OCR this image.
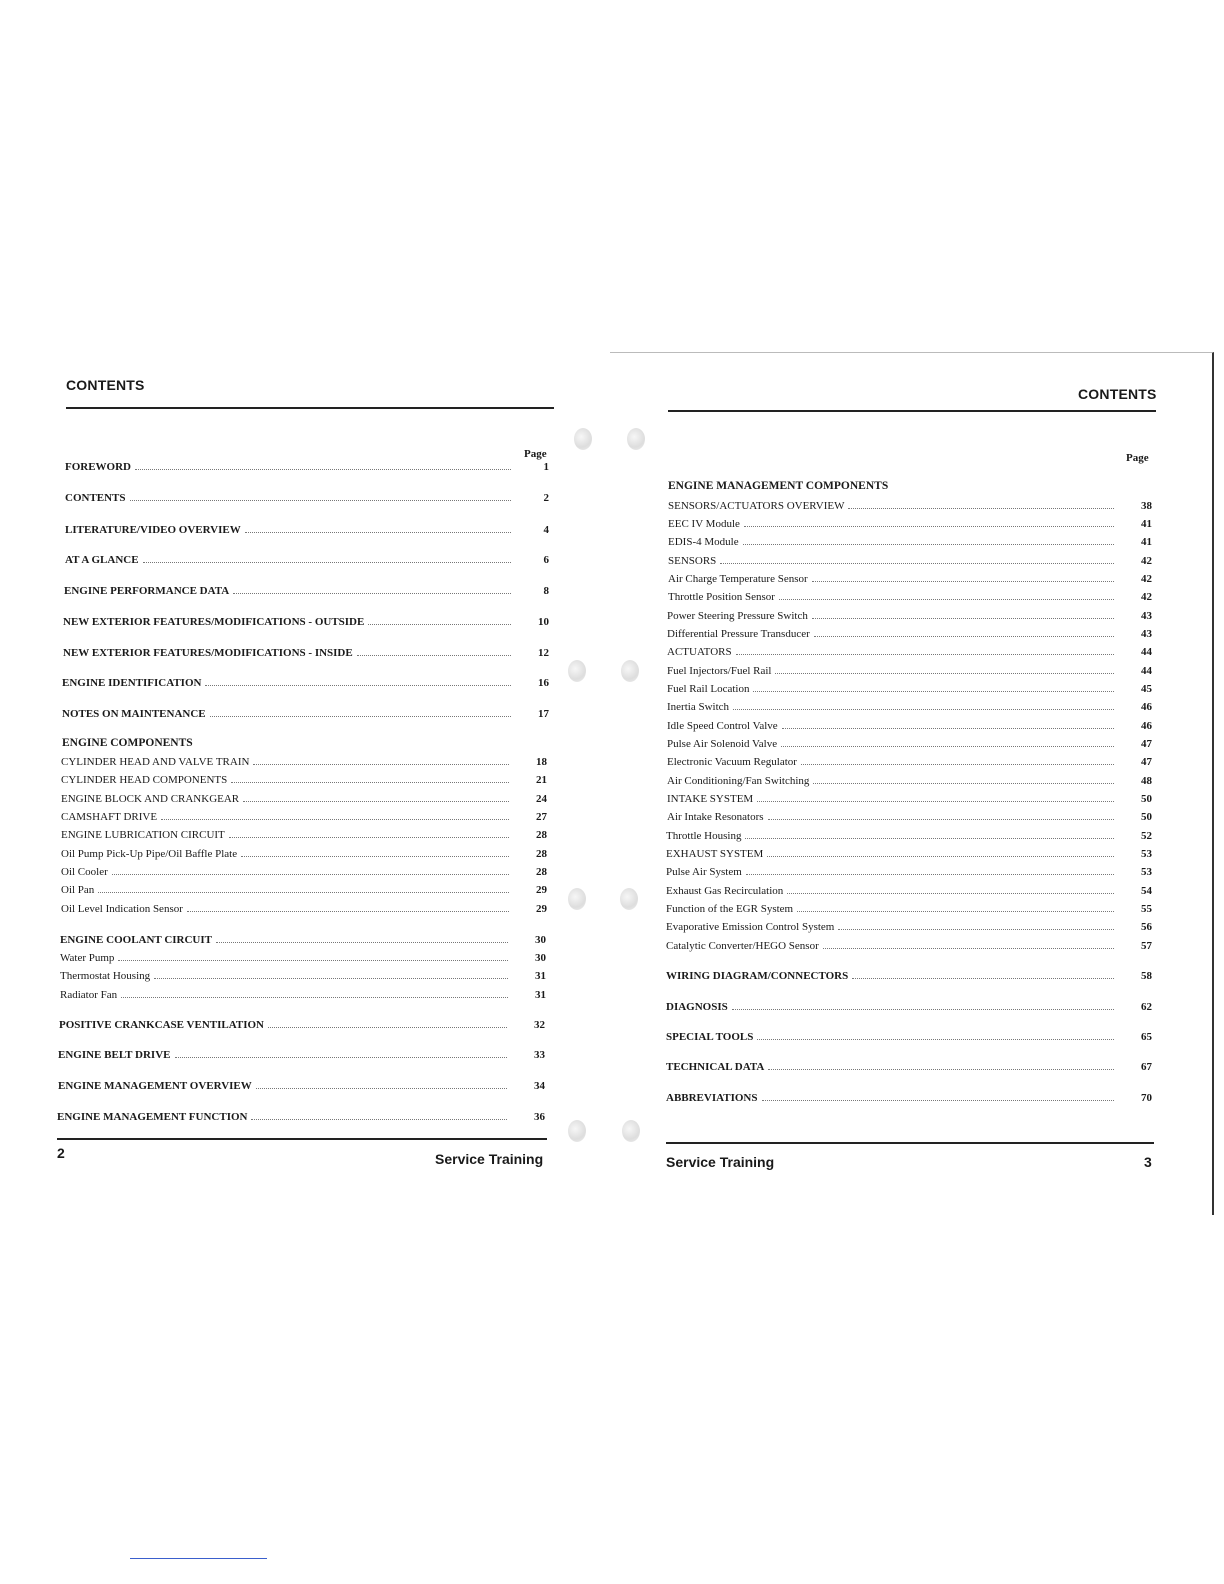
CONTENTS
Page
FOREWORD	1
CONTENTS	2
LITERATURE/VIDEO OVERVIEW	4
AT A GLANCE	6
ENGINE PERFORMANCE DATA	8
NEW EXTERIOR FEATURES/MODIFICATIONS - OUTSIDE	10
NEW EXTERIOR FEATURES/MODIFICATIONS - INSIDE	12
ENGINE IDENTIFICATION	16
NOTES ON MAINTENANCE	17
ENGINE COMPONENTS
CYLINDER HEAD AND VALVE TRAIN	18
CYLINDER HEAD COMPONENTS	21
ENGINE BLOCK AND CRANKGEAR	24
CAMSHAFT DRIVE	27
ENGINE LUBRICATION CIRCUIT	28
Oil Pump Pick-Up Pipe/Oil Baffle Plate	28
Oil Cooler	28
Oil Pan	29
Oil Level Indication Sensor	29
ENGINE COOLANT CIRCUIT	30
Water Pump	30
Thermostat Housing	31
Radiator Fan	31
POSITIVE CRANKCASE VENTILATION	32
ENGINE BELT DRIVE	33
ENGINE MANAGEMENT OVERVIEW	34
ENGINE MANAGEMENT FUNCTION	36
2	Service Training
CONTENTS
Page
ENGINE MANAGEMENT COMPONENTS
SENSORS/ACTUATORS OVERVIEW	38
EEC IV Module	41
EDIS-4 Module	41
SENSORS	42
Air Charge Temperature Sensor	42
Throttle Position Sensor	42
Power Steering Pressure Switch	43
Differential Pressure Transducer	43
ACTUATORS	44
Fuel Injectors/Fuel Rail	44
Fuel Rail Location	45
Inertia Switch	46
Idle Speed Control Valve	46
Pulse Air Solenoid Valve	47
Electronic Vacuum Regulator	47
Air Conditioning/Fan Switching	48
INTAKE SYSTEM	50
Air Intake Resonators	50
Throttle Housing	52
EXHAUST SYSTEM	53
Pulse Air System	53
Exhaust Gas Recirculation	54
Function of the EGR System	55
Evaporative Emission Control System	56
Catalytic Converter/HEGO Sensor	57
WIRING DIAGRAM/CONNECTORS	58
DIAGNOSIS	62
SPECIAL TOOLS	65
TECHNICAL DATA	67
ABBREVIATIONS	70
Service Training	3
